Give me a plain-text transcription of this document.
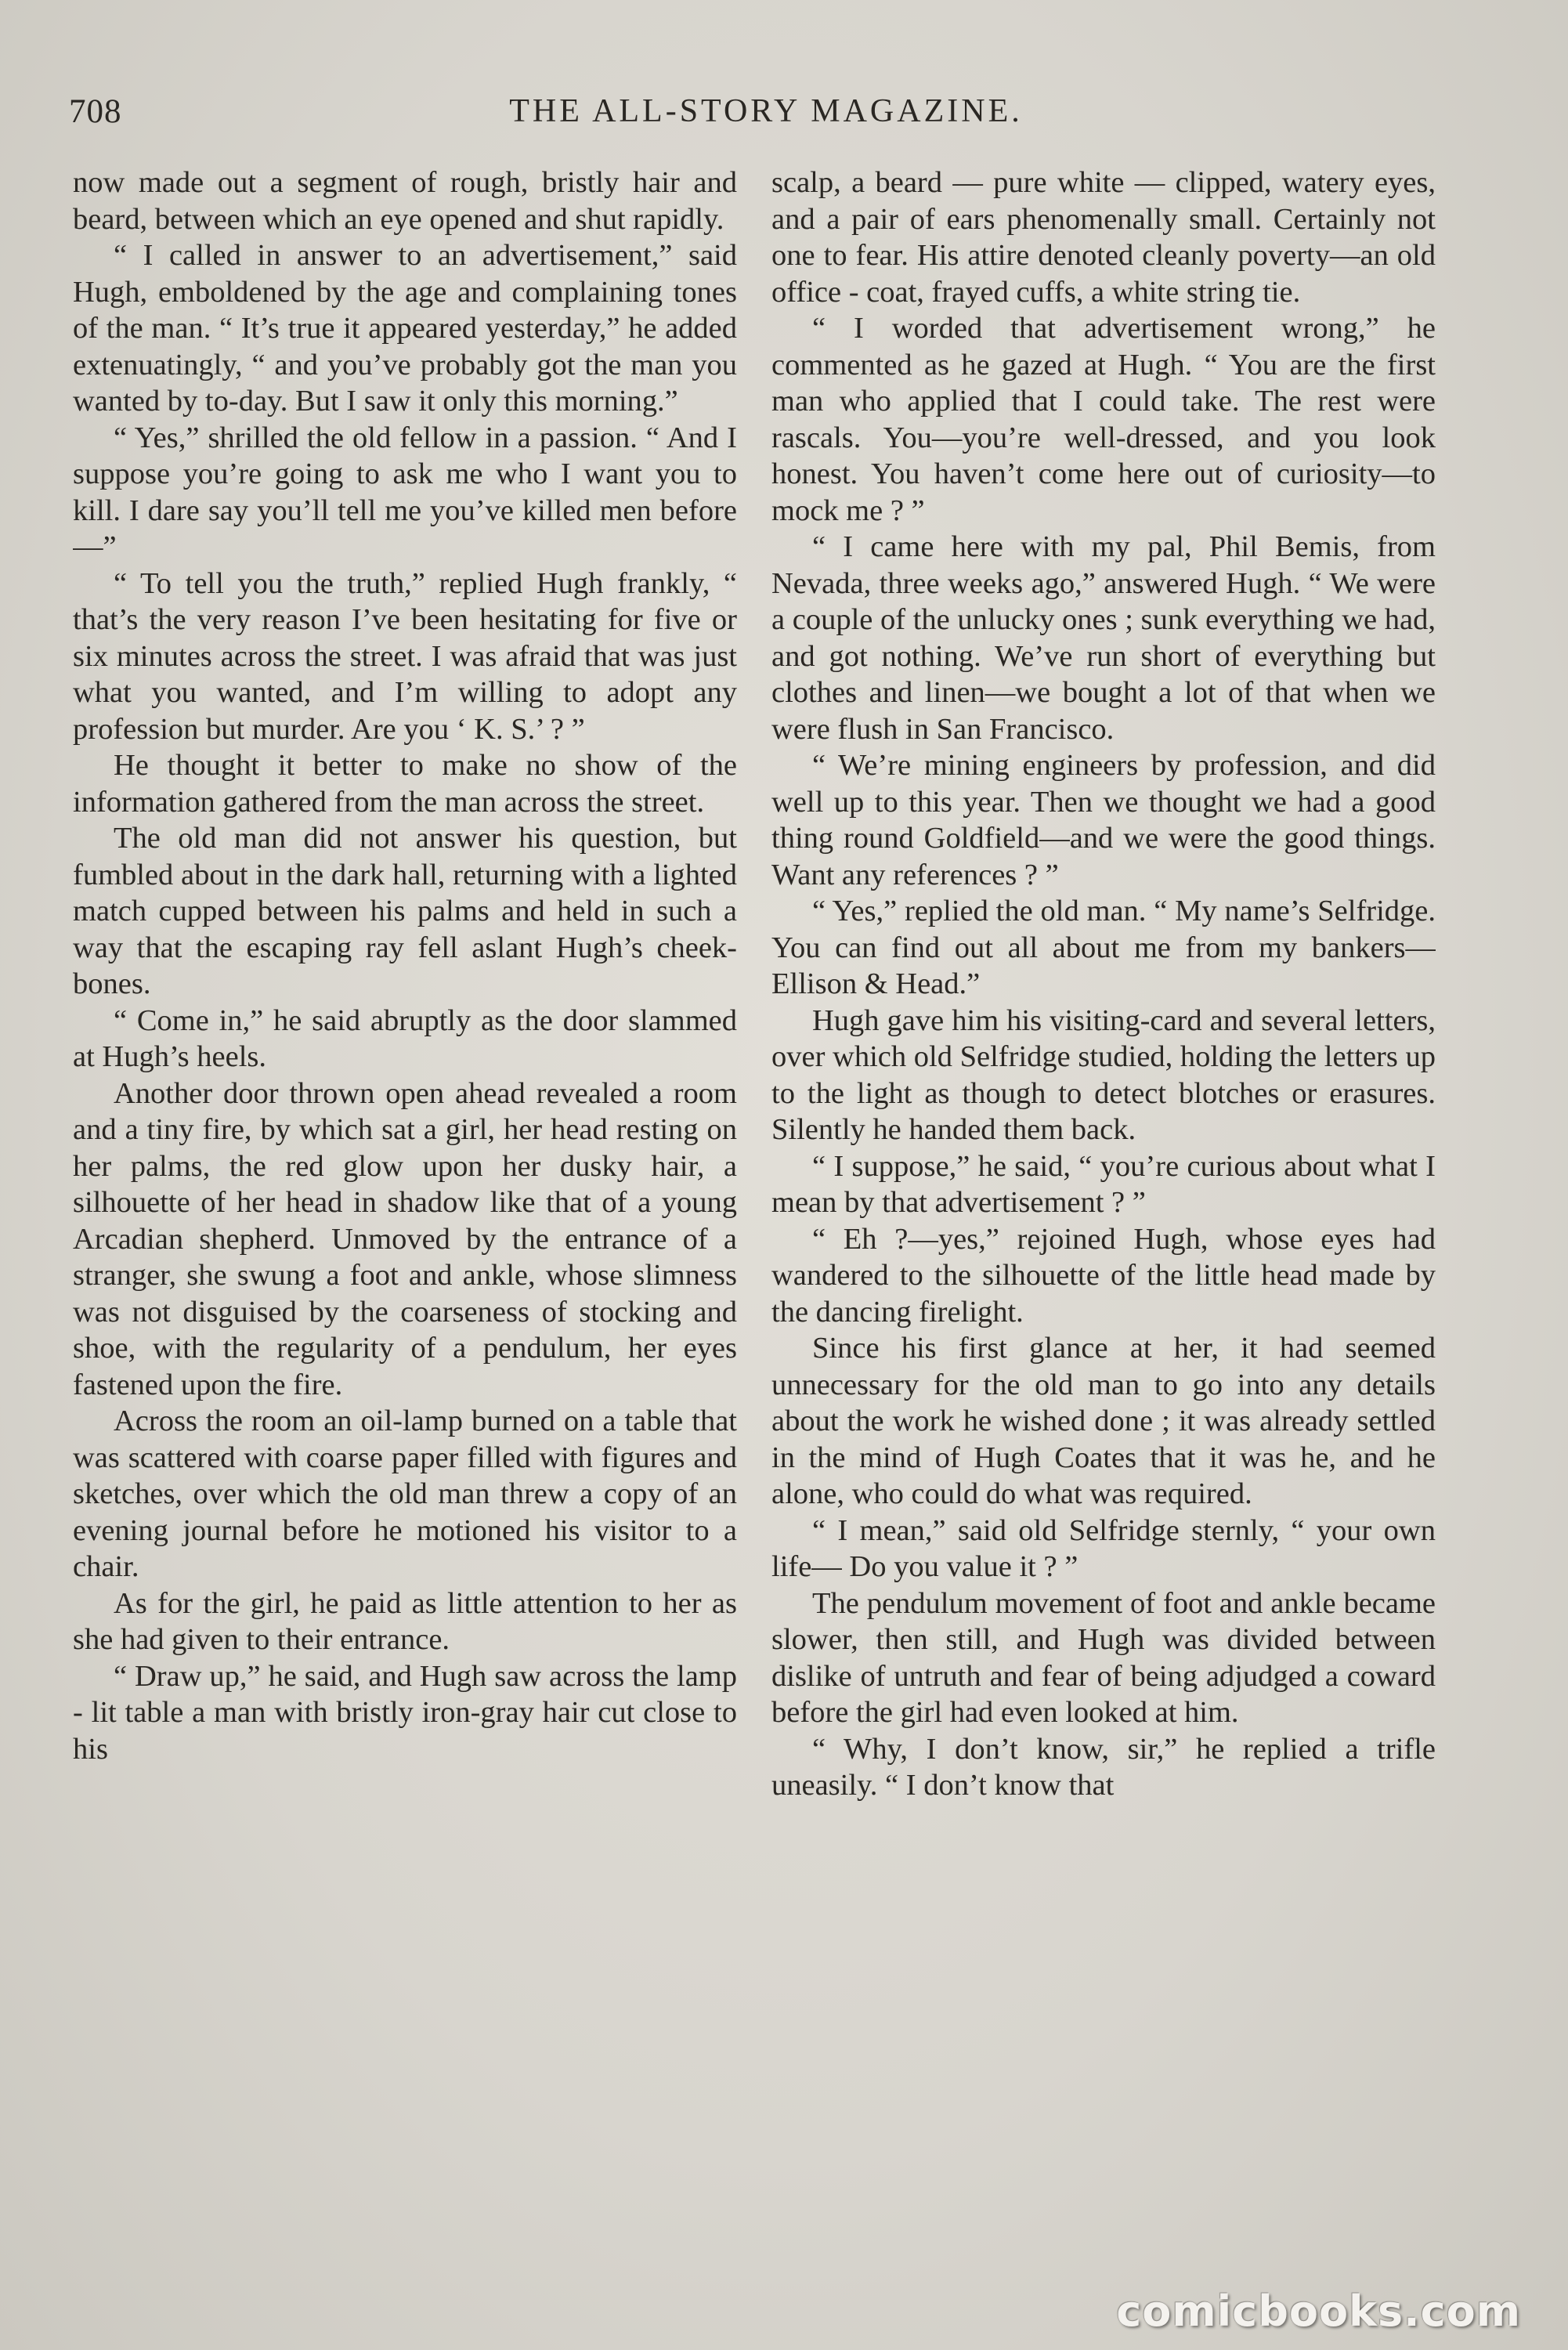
708	THE ALL-STORY MAGAZINE.

now made out a segment of rough, bristly hair and beard, between which an eye opened and shut rapidly.

“ I called in answer to an advertisement,” said Hugh, emboldened by the age and complaining tones of the man. “ It’s true it appeared yesterday,” he added extenuatingly, “ and you’ve probably got the man you wanted by to-day. But I saw it only this morning.”

“ Yes,” shrilled the old fellow in a passion. “ And I suppose you’re going to ask me who I want you to kill. I dare say you’ll tell me you’ve killed men before—”

“ To tell you the truth,” replied Hugh frankly, “ that’s the very reason I’ve been hesitating for five or six minutes across the street. I was afraid that was just what you wanted, and I’m willing to adopt any profession but murder. Are you ‘ K. S.’ ? ”

He thought it better to make no show of the information gathered from the man across the street.

The old man did not answer his question, but fumbled about in the dark hall, returning with a lighted match cupped between his palms and held in such a way that the escaping ray fell aslant Hugh’s cheek-bones.

“ Come in,” he said abruptly as the door slammed at Hugh’s heels.

Another door thrown open ahead revealed a room and a tiny fire, by which sat a girl, her head resting on her palms, the red glow upon her dusky hair, a silhouette of her head in shadow like that of a young Arcadian shepherd. Unmoved by the entrance of a stranger, she swung a foot and ankle, whose slimness was not disguised by the coarseness of stocking and shoe, with the regularity of a pendulum, her eyes fastened upon the fire.

Across the room an oil-lamp burned on a table that was scattered with coarse paper filled with figures and sketches, over which the old man threw a copy of an evening journal before he motioned his visitor to a chair.

As for the girl, he paid as little attention to her as she had given to their entrance.

“ Draw up,” he said, and Hugh saw across the lamp - lit table a man with bristly iron-gray hair cut close to his

scalp, a beard — pure white — clipped, watery eyes, and a pair of ears phenomenally small. Certainly not one to fear. His attire denoted cleanly poverty—an old office - coat, frayed cuffs, a white string tie.

“ I worded that advertisement wrong,” he commented as he gazed at Hugh. “ You are the first man who applied that I could take. The rest were rascals. You—you’re well-dressed, and you look honest. You haven’t come here out of curiosity—to mock me ? ”

“ I came here with my pal, Phil Bemis, from Nevada, three weeks ago,” answered Hugh. “ We were a couple of the unlucky ones ; sunk everything we had, and got nothing. We’ve run short of everything but clothes and linen—we bought a lot of that when we were flush in San Francisco.

“ We’re mining engineers by profession, and did well up to this year. Then we thought we had a good thing round Goldfield—and we were the good things. Want any references ? ”

“ Yes,” replied the old man. “ My name’s Selfridge. You can find out all about me from my bankers—Ellison & Head.”

Hugh gave him his visiting-card and several letters, over which old Selfridge studied, holding the letters up to the light as though to detect blotches or erasures. Silently he handed them back.

“ I suppose,” he said, “ you’re curious about what I mean by that advertisement ? ”

“ Eh ?—yes,” rejoined Hugh, whose eyes had wandered to the silhouette of the little head made by the dancing firelight.

Since his first glance at her, it had seemed unnecessary for the old man to go into any details about the work he wished done ; it was already settled in the mind of Hugh Coates that it was he, and he alone, who could do what was required.

“ I mean,” said old Selfridge sternly, “ your own life— Do you value it ? ”

The pendulum movement of foot and ankle became slower, then still, and Hugh was divided between dislike of untruth and fear of being adjudged a coward before the girl had even looked at him.

“ Why, I don’t know, sir,” he replied a trifle uneasily. “ I don’t know that

comicbooks.com
